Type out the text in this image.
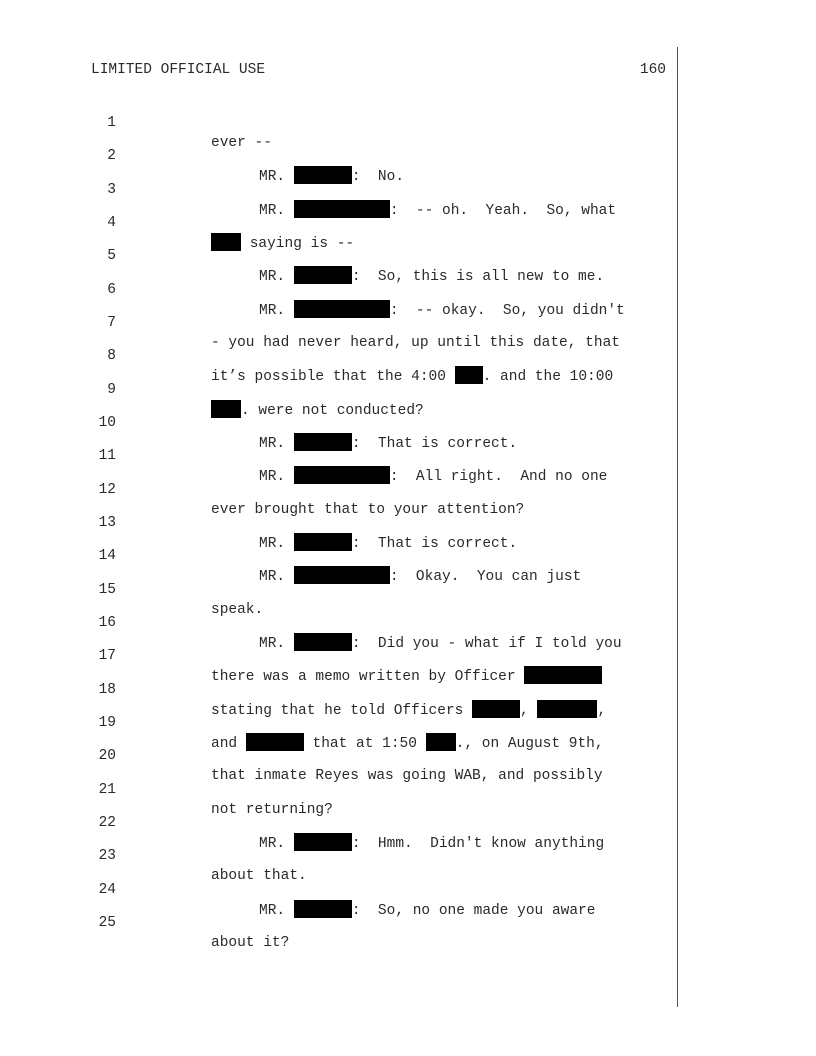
LIMITED OFFICIAL USE	160

1

ever --

2

MR.	:  No.

3

MR.	:  -- oh.  Yeah.  So, what

4

saying is --

5

MR.	:  So, this is all new to me.

6

MR.	:  -- okay.  So, you didn't

7

- you had never heard, up until this date, that

8

it’s possible that the 4:00 . and the 10:00

9

. were not conducted?

10

MR.	:  That is correct.

11

MR.	:  All right.  And no one

12

ever brought that to your attention?

13

MR.	:  That is correct.

14

MR.	:  Okay.  You can just

15

speak.

16

MR.	:  Did you - what if I told you

17

there was a memo written by Officer

18

stating that he told Officers	,	,

19

and	that at 1:50 ., on August 9th,

20

that inmate Reyes was going WAB, and possibly

21

not returning?

22

MR.	:  Hmm.  Didn't know anything

23

about that.

24

MR.	:  So, no one made you aware

25

about it?
